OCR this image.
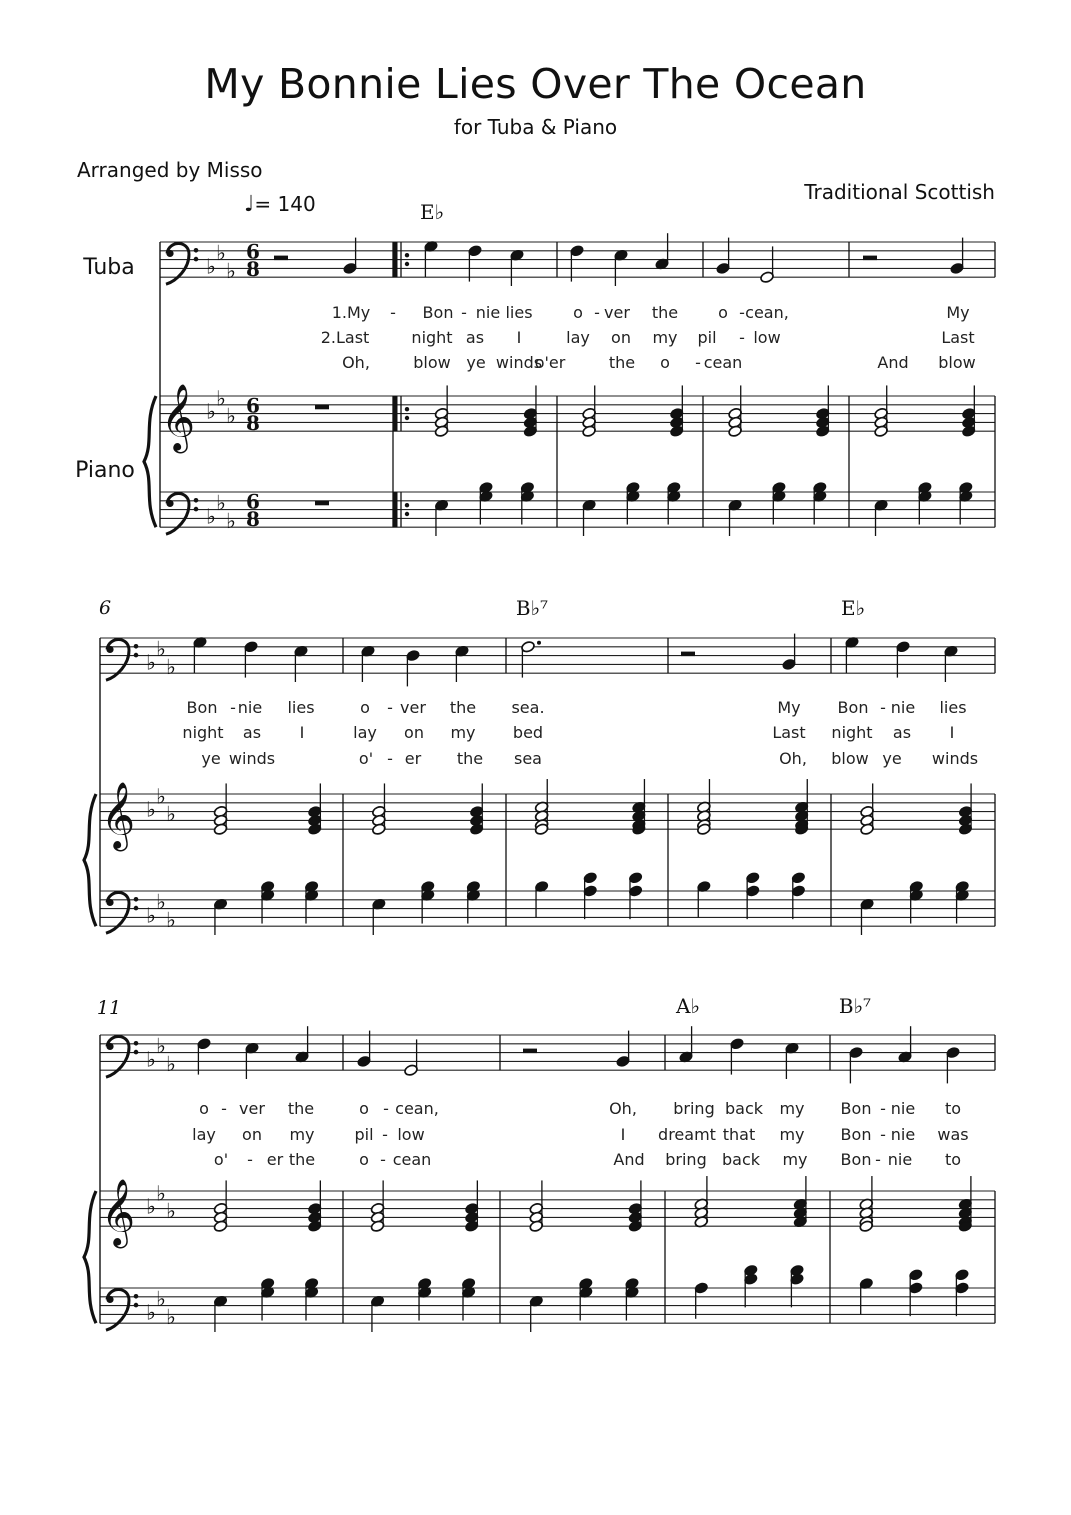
My Bonnie Lies Over The Ocean
for Tuba & Piano
Arranged by Misso
Traditional Scottish
♩= 140
Tuba
Piano
𝄞
♭
♭
♭
♭
♭
♭
♭
♭
♭
6
8
6
8
6
8
𝄞
♭
♭
♭
♭
♭
♭
♭
♭
♭
𝄞
♭
♭
♭
♭
♭
♭
♭
♭
♭
E♭
B♭⁷	E♭
A♭	B♭⁷
6
11
1.My - Bon - nie lies	o - ver the o - cean,	My
2.Last	night as I	lay on my pil - low	Last
Oh,	blow ye winds
o'er	the o - cean	And blow
Bon - nie lies	o - ver the sea.	My Bon - nie lies
night as I	lay on my bed	Last night as I
ye winds	o' - er the sea	Oh, blow ye winds
o - ver the	o - cean,	Oh, bring back my Bon - nie to
lay on my pil - low	I dreamt that my Bon - nie was
o' - er the	o - cean	And bring back my Bon - nie to
